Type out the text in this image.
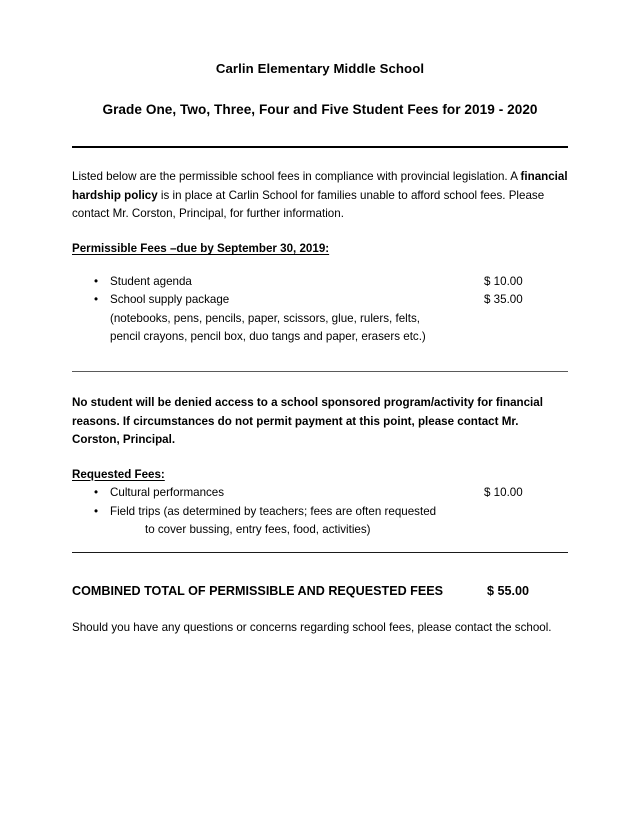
Carlin Elementary Middle School
Grade One, Two, Three, Four and Five Student Fees for 2019 - 2020

Listed below are the permissible school fees in compliance with provincial legislation. A financial hardship policy is in place at Carlin School for families unable to afford school fees. Please contact Mr. Corston, Principal, for further information.

Permissible Fees –due by September 30, 2019:

•	Student agenda	$ 10.00
•	School supply package	$ 35.00
(notebooks, pens, pencils, paper, scissors, glue, rulers, felts,
pencil crayons, pencil box, duo tangs and paper, erasers etc.)

No student will be denied access to a school sponsored program/activity for financial reasons. If circumstances do not permit payment at this point, please contact Mr. Corston, Principal.

Requested Fees:

•	Cultural performances	$ 10.00
•	Field trips (as determined by teachers; fees are often requested
to cover bussing, entry fees, food, activities)
COMBINED TOTAL OF PERMISSIBLE AND REQUESTED FEES	$ 55.00

Should you have any questions or concerns regarding school fees, please contact the school.
